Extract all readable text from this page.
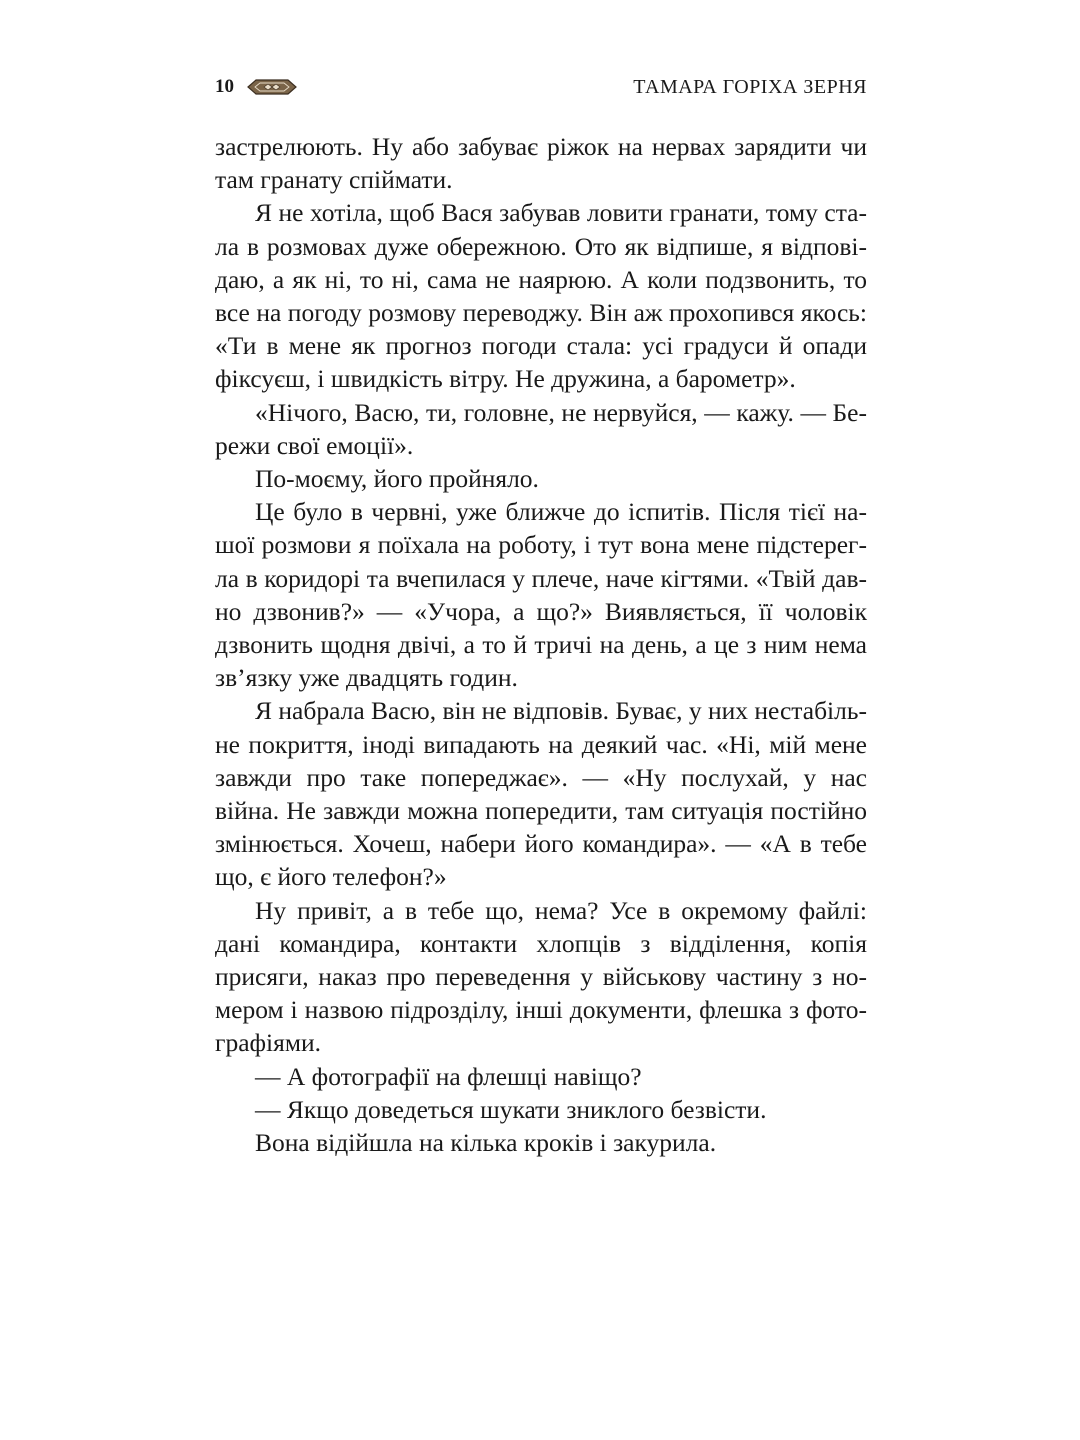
10	ТАМАРА ГОРІХА ЗЕРНЯ

застрелюють. Ну або забуває ріжок на нервах зарядити чи там гранату спіймати.

Я не хотіла, щоб Вася забував ловити гранати, тому стала в розмовах дуже обережною. Ото як відпише, я відповідаю, а як ні, то ні, сама не наярюю. А коли подзвонить, то все на погоду розмову переводжу. Він аж прохопився якось: «Ти в мене як прогноз погоди стала: усі градуси й опади фіксуєш, і швидкість вітру. Не дружина, а барометр».

«Нічого, Васю, ти, головне, не нервуйся, — кажу. — Бережи свої емоції».

По-моєму, його пройняло.

Це було в червні, уже ближче до іспитів. Після тієї нашої розмови я поїхала на роботу, і тут вона мене підстерегла в коридорі та вчепилася у плече, наче кігтями. «Твій давно дзвонив?» — «Учора, а що?» Виявляється, її чоловік дзвонить щодня двічі, а то й тричі на день, а це з ним нема зв’язку уже двадцять годин.

Я набрала Васю, він не відповів. Буває, у них нестабільне покриття, іноді випадають на деякий час. «Ні, мій мене завжди про таке попереджає». — «Ну послухай, у нас війна. Не завжди можна попередити, там ситуація постійно змінюється. Хочеш, набери його командира». — «А в тебе що, є його телефон?»

Ну привіт, а в тебе що, нема? Усе в окремому файлі: дані командира, контакти хлопців з відділення, копія присяги, наказ про переведення у військову частину з номером і назвою підрозділу, інші документи, флешка з фотографіями.

— А фотографії на флешці навіщо?

— Якщо доведеться шукати зниклого безвісти.

Вона відійшла на кілька кроків і закурила.
